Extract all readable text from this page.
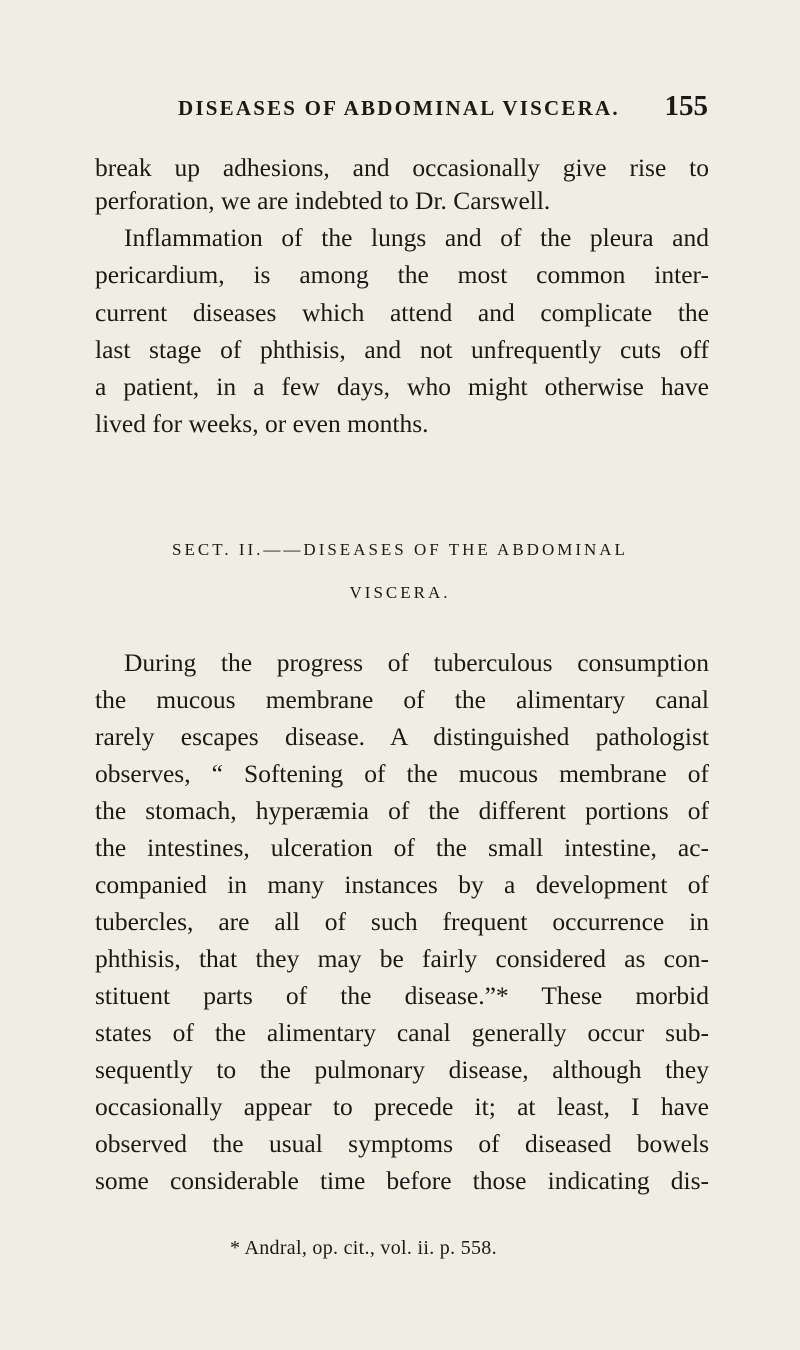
DISEASES OF ABDOMINAL VISCERA. 155
break up adhesions, and occasionally give rise to
perforation, we are indebted to Dr. Carswell.
Inflammation of the lungs and of the pleura and
pericardium, is among the most common inter-
current diseases which attend and complicate the
last stage of phthisis, and not unfrequently cuts off
a patient, in a few days, who might otherwise have
lived for weeks, or even months.
SECT. II.——DISEASES OF THE ABDOMINAL
VISCERA.
During the progress of tuberculous consumption
the mucous membrane of the alimentary canal
rarely escapes disease. A distinguished pathologist
observes, “ Softening of the mucous membrane of
the stomach, hyperæmia of the different portions of
the intestines, ulceration of the small intestine, ac-
companied in many instances by a development of
tubercles, are all of such frequent occurrence in
phthisis, that they may be fairly considered as con-
stituent parts of the disease.”* These morbid
states of the alimentary canal generally occur sub-
sequently to the pulmonary disease, although they
occasionally appear to precede it; at least, I have
observed the usual symptoms of diseased bowels
some considerable time before those indicating dis-
* Andral, op. cit., vol. ii. p. 558.
